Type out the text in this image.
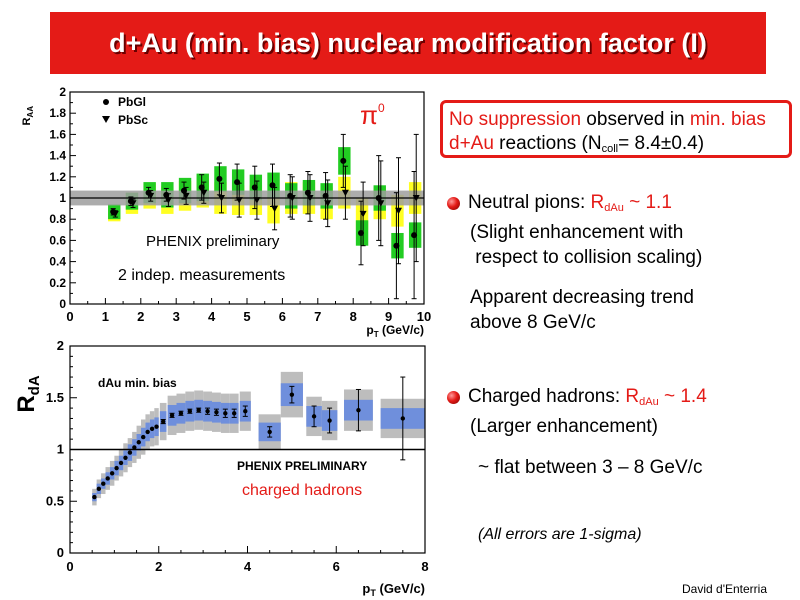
d+Au (min. bias) nuclear modification factor (I)
0 1 2 3 4 5 6 7 8 9 10
0
0.2
0.4
0.6
0.8
1
1.2
1.4
1.6
1.8
2
$R_{AA}$
$p_T$ (GeV/c)
PbGl
PbSc	$\pi^0$
PHENIX preliminary
2 indep. measurements
0	2	4	6	8
0
0.5
1
1.5
2
$R_{dA}$
$p_T$ (GeV/c)
dAu min. bias
PHENIX PRELIMINARY
charged hadrons
No suppression observed in min. bias d+Au reactions $(N_{coll}= 8.4\pm 0.4)$
Neutral pions: $R_{dAu}$ ~ 1.1
(Slight enhancement with
respect to collision scaling)
Apparent decreasing trend
above 8 GeV/c
Charged hadrons: $R_{dAu}$ ~ 1.4
(Larger enhancement)
~ flat between 3 – 8 GeV/c
(All errors are 1-sigma)
David d'Enterria
